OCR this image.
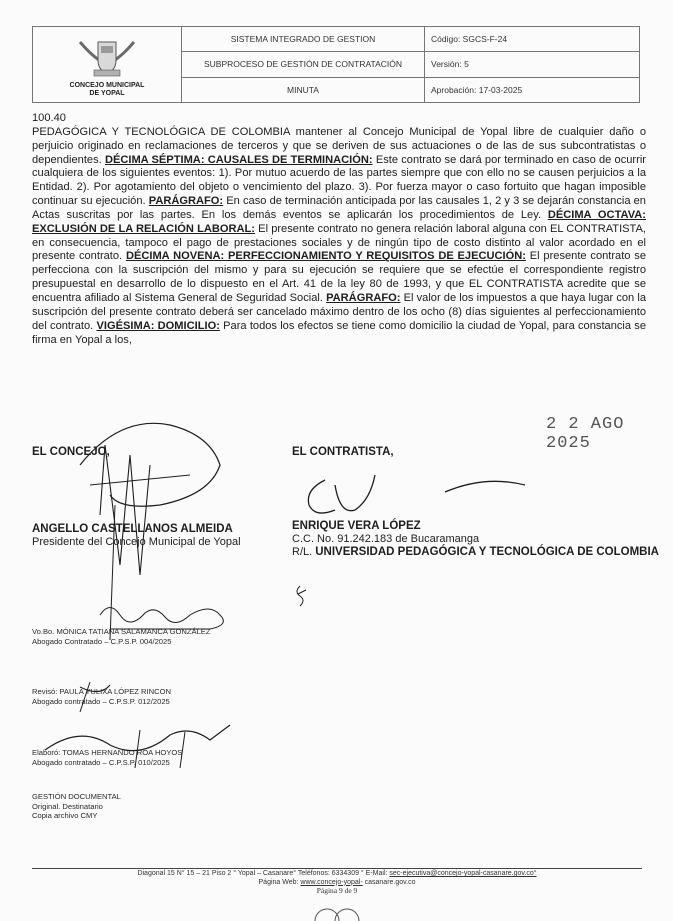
CONCEJO MUNICIPAL
DE YOPAL	SISTEMA INTEGRADO DE GESTION	Código: SGCS-F-24
	SUBPROCESO DE GESTIÓN DE CONTRATACIÓN	Versión: 5
	MINUTA	Aprobación: 17-03-2025

100.40

PEDAGÓGICA Y TECNOLÓGICA DE COLOMBIA mantener al Concejo Municipal de Yopal libre de cualquier daño o perjuicio originado en reclamaciones de terceros y que se deriven de sus actuaciones o de las de sus subcontratistas o dependientes. DÉCIMA SÉPTIMA: CAUSALES DE TERMINACIÓN: Este contrato se dará por terminado en caso de ocurrir cualquiera de los siguientes eventos: 1). Por mutuo acuerdo de las partes siempre que con ello no se causen perjuicios a la Entidad. 2). Por agotamiento del objeto o vencimiento del plazo. 3). Por fuerza mayor o caso fortuito que hagan imposible continuar su ejecución. PARÁGRAFO: En caso de terminación anticipada por las causales 1, 2 y 3 se dejarán constancia en Actas suscritas por las partes. En los demás eventos se aplicarán los procedimientos de Ley. DÉCIMA OCTAVA: EXCLUSIÓN DE LA RELACIÓN LABORAL: El presente contrato no genera relación laboral alguna con EL CONTRATISTA, en consecuencia, tampoco el pago de prestaciones sociales y de ningún tipo de costo distinto al valor acordado en el presente contrato. DÉCIMA NOVENA: PERFECCIONAMIENTO Y REQUISITOS DE EJECUCIÓN: El presente contrato se perfecciona con la suscripción del mismo y para su ejecución se requiere que se efectúe el correspondiente registro presupuestal en desarrollo de lo dispuesto en el Art. 41 de la ley 80 de 1993, y que EL CONTRATISTA acredite que se encuentra afiliado al Sistema General de Seguridad Social. PARÁGRAFO: El valor de los impuestos a que haya lugar con la suscripción del presente contrato deberá ser cancelado máximo dentro de los ocho (8) días siguientes al perfeccionamiento del contrato. VIGÉSIMA: DOMICILIO: Para todos los efectos se tiene como domicilio la ciudad de Yopal, para constancia se firma en Yopal a los,

2 2 AGO 2025
EL CONCEJO,	EL CONTRATISTA,
ANGELLO CASTELLANOS ALMEIDA
Presidente del Concejo Municipal de Yopal
ENRIQUE VERA LÓPEZ
C.C. No. 91.242.183 de Bucaramanga
R/L. UNIVERSIDAD PEDAGÓGICA Y TECNOLÓGICA DE COLOMBIA
Vo.Bo. MÓNICA TATIANA SALAMANCA GONZÁLEZ
Abogado Contratado – C.P.S.P. 004/2025
Revisó: PAULA YULIXA LÓPEZ RINCON
Abogado contratado – C.P.S.P. 012/2025
Elaboró: TOMAS HERNANDO ROA HOYOS
Abogado contratado – C.P.S.P. 010/2025
GESTIÓN DOCUMENTAL
Original. Destinatario
Copia archivo CMY
Diagonal 15 N° 15 – 21 Piso 2 ° Yopal – Casanare° Teléfonos: 6334309 ° E-Mail: sec-ejecutiva@concejo-yopal-casanare.gov.co°
Página Web: www.concejo-yopal- casanare.gov.co
Página 9 de 9
